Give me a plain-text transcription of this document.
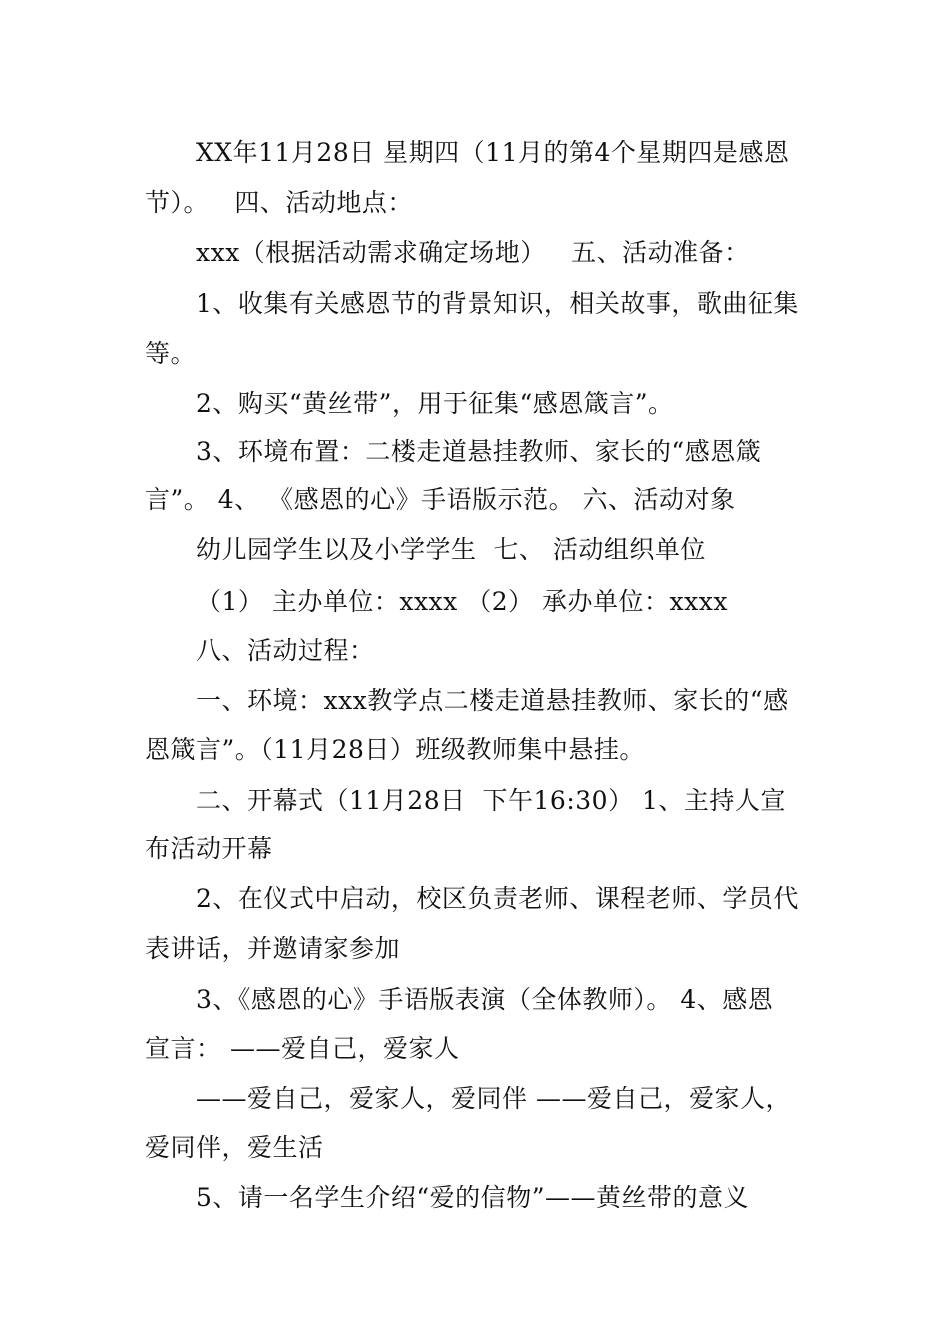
XX年11月28日 星期四（11月的第4个星期四是感恩
节）。   四、活动地点：
xxx（根据活动需求确定场地）   五、活动准备：
1、收集有关感恩节的背景知识，相关故事，歌曲征集
等。
2、购买“黄丝带”，用于征集“感恩箴言”。
3、环境布置：二楼走道悬挂教师、家长的“感恩箴
言”。 4、 《感恩的心》手语版示范。 六、活动对象
幼儿园学生以及小学学生  七、 活动组织单位
（1） 主办单位：xxxx （2） 承办单位：xxxx
八、活动过程：
一、环境：xxx教学点二楼走道悬挂教师、家长的“感
恩箴言”。（11月28日）班级教师集中悬挂。
二、开幕式（11月28日  下午16:30） 1、主持人宣
布活动开幕
2、在仪式中启动，校区负责老师、课程老师、学员代
表讲话，并邀请家参加
3、《感恩的心》手语版表演（全体教师）。 4、感恩
宣言： ——爱自己，爱家人
——爱自己，爱家人，爱同伴 ——爱自己，爱家人，
爱同伴，爱生活
5、请一名学生介绍“爱的信物”——黄丝带的意义
